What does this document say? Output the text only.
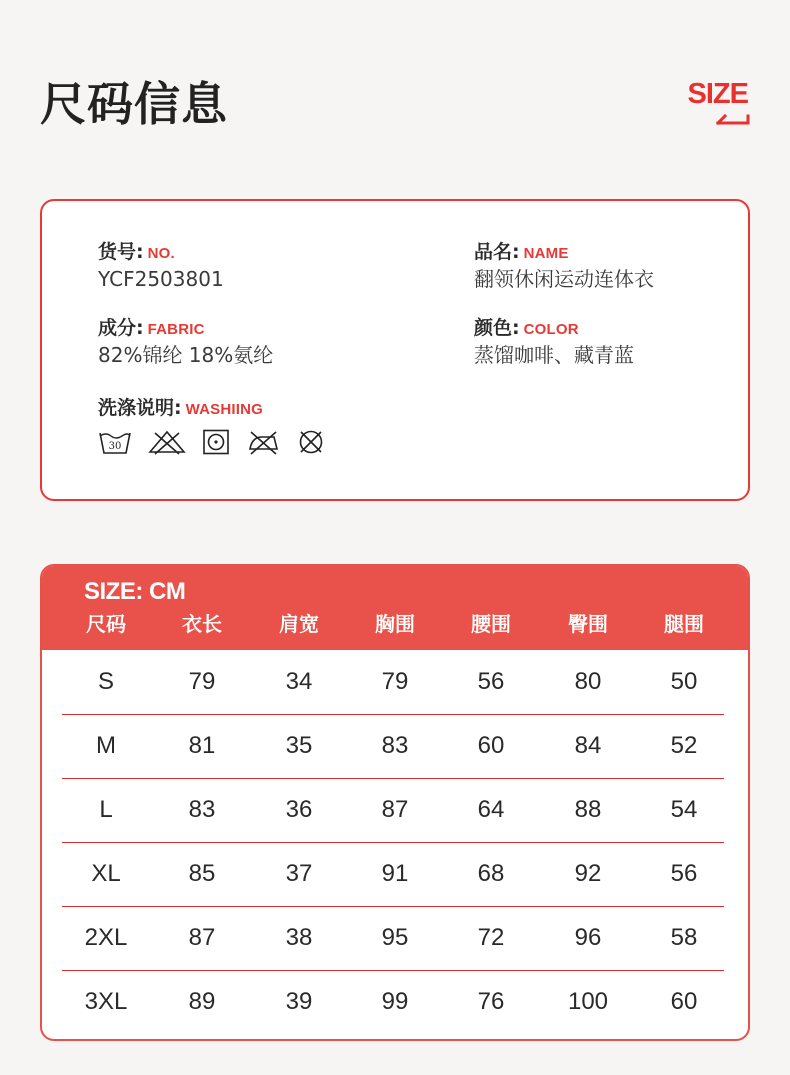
尺码信息	SIZE
货号: NO.
YCF2503801
品名: NAME
翻领休闲运动连体衣
成分: FABRIC
82%锦纶 18%氨纶
颜色: COLOR
蒸馏咖啡、藏青蓝
洗涤说明: WASHIING
30
SIZE: CM
尺码	衣长	肩宽	胸围	腰围	臀围	腿围
S	79	34	79	56	80	50
M	81	35	83	60	84	52
L	83	36	87	64	88	54
XL	85	37	91	68	92	56
2XL	87	38	95	72	96	58
3XL	89	39	99	76	100	60
